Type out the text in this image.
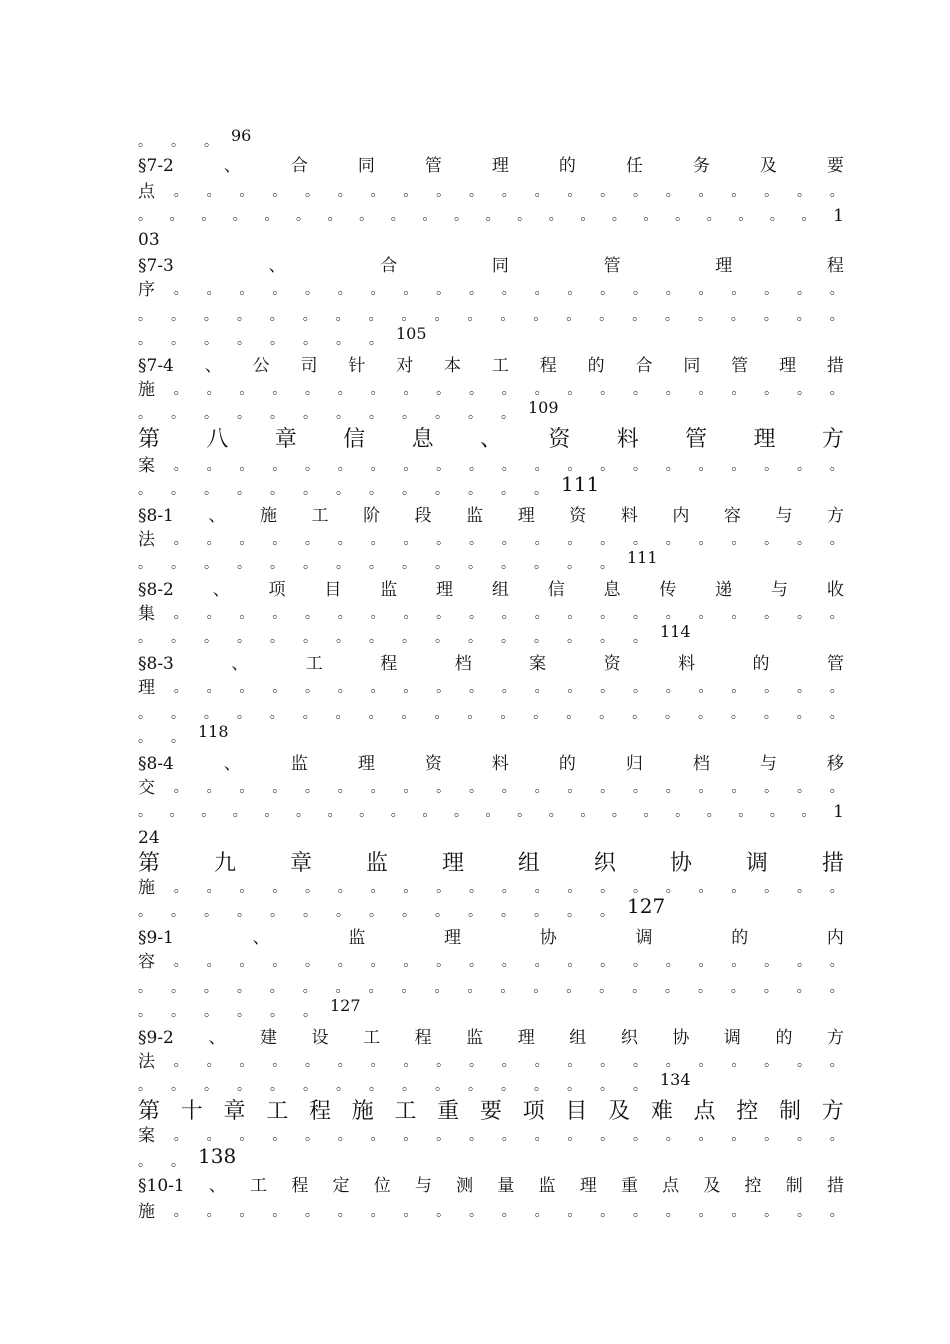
。 。 。 96
§7-2	、	合	同	管	理	的	任	务	及	要
点 。 。 。 。 。 。 。 。 。 。 。 。 。 。 。 。 。 。 。 。 。
。 。 。 。 。 。 。 。 。 。 。 。 。 。 。 。 。 。 。 。 。 。 1
03
§7-3	、	合	同	管	理	程
序 。 。 。 。 。 。 。 。 。 。 。 。 。 。 。 。 。 。 。 。 。
。 。 。 。 。 。 。 。 。 。 。 。 。 。 。 。 。 。 。 。 。 。
。 。 。 。 。 。 。 。 105
§7-4 、 公 司 针 对 本 工 程 的 合 同 管 理 措
施 。 。 。 。 。 。 。 。 。 。 。 。 。 。 。 。 。 。 。 。 。
。 。 。 。 。 。 。 。 。 。 。 。 109
第 八 章 信 息 、 资 料 管 理 方
案 。 。 。 。 。 。 。 。 。 。 。 。 。 。 。 。 。 。 。 。 。
。 。 。 。 。 。 。 。 。 。 。 。 。 111
§8-1 、 施 工 阶 段 监 理 资 料 内 容 与 方
法 。 。 。 。 。 。 。 。 。 。 。 。 。 。 。 。 。 。 。 。 。
。 。 。 。 。 。 。 。 。 。 。 。 。 。 。 111
§8-2 、 项 目 监 理 组 信 息 传 递 与 收
集 。 。 。 。 。 。 。 。 。 。 。 。 。 。 。 。 。 。 。 。 。
。 。 。 。 。 。 。 。 。 。 。 。 。 。 。 。 114
§8-3	、	工	程	档	案	资	料	的	管
理 。 。 。 。 。 。 。 。 。 。 。 。 。 。 。 。 。 。 。 。 。
。 。 。 。 。 。 。 。 。 。 。 。 。 。 。 。 。 。 。 。 。 。
。 。 118
§8-4	、	监	理	资	料	的	归	档	与	移
交 。 。 。 。 。 。 。 。 。 。 。 。 。 。 。 。 。 。 。 。 。
。 。 。 。 。 。 。 。 。 。 。 。 。 。 。 。 。 。 。 。 。 。 1
24
第 九 章 监 理 组 织 协 调 措
施 。 。 。 。 。 。 。 。 。 。 。 。 。 。 。 。 。 。 。 。 。
。 。 。 。 。 。 。 。 。 。 。 。 。 。 。 127
§9-1	、	监	理	协	调	的	内
容 。 。 。 。 。 。 。 。 。 。 。 。 。 。 。 。 。 。 。 。 。
。 。 。 。 。 。 。 。 。 。 。 。 。 。 。 。 。 。 。 。 。 。
。 。 。 。 。 。 127
§9-2 、 建 设 工 程 监 理 组 织 协 调 的 方
法 。 。 。 。 。 。 。 。 。 。 。 。 。 。 。 。 。 。 。 。 。
。 。 。 。 。 。 。 。 。 。 。 。 。 。 。 。 134
第 十 章 工 程 施 工 重 要 项 目 及 难 点 控 制 方
案 。 。 。 。 。 。 。 。 。 。 。 。 。 。 。 。 。 。 。 。 。
。 。 138
§10-1 、 工 程 定 位 与 测 量 监 理 重 点 及 控 制 措
施 。 。 。 。 。 。 。 。 。 。 。 。 。 。 。 。 。 。 。 。 。
